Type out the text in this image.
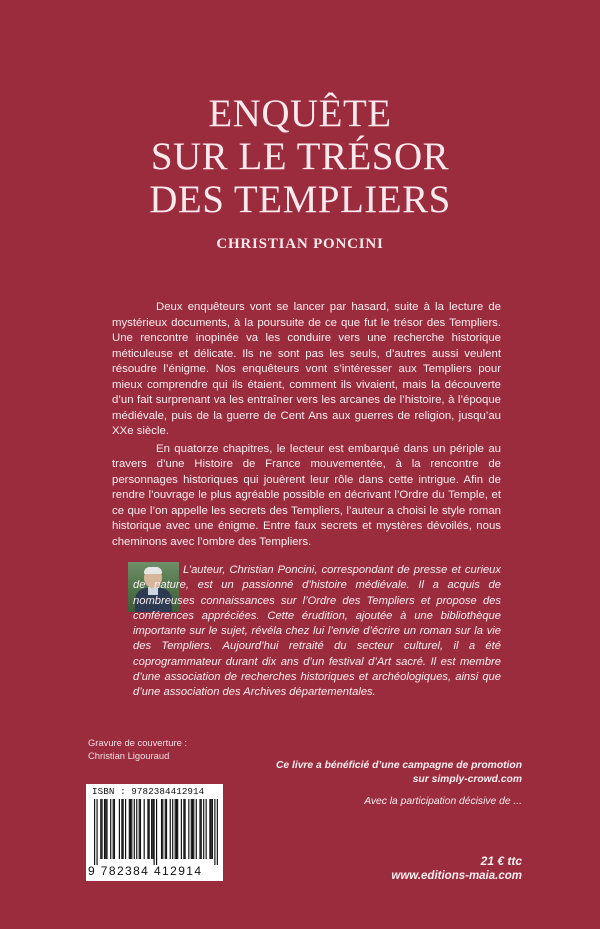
ENQUÊTE
SUR LE TRÉSOR
DES TEMPLIERS
CHRISTIAN PONCINI

Deux enquêteurs vont se lancer par hasard, suite à la lecture de mystérieux documents, à la poursuite de ce que fut le trésor des Templiers. Une rencontre inopinée va les conduire vers une recherche historique méticuleuse et délicate. Ils ne sont pas les seuls, d’autres aussi veulent résoudre l’énigme. Nos enquêteurs vont s’intéresser aux Templiers pour mieux comprendre qui ils étaient, comment ils vivaient, mais la découverte d’un fait surprenant va les entraîner vers les arcanes de l’histoire, à l’époque médiévale, puis de la guerre de Cent Ans aux guerres de religion, jusqu’au XXe siècle.

En quatorze chapitres, le lecteur est embarqué dans un périple au travers d’une Histoire de France mouvementée, à la rencontre de personnages historiques qui jouèrent leur rôle dans cette intrigue. Afin de rendre l’ouvrage le plus agréable possible en décrivant l’Ordre du Temple, et ce que l’on appelle les secrets des Templiers, l’auteur a choisi le style roman historique avec une énigme. Entre faux secrets et mystères dévoilés, nous cheminons avec l’ombre des Templiers.

L’auteur, Christian Poncini, correspondant de presse et curieux de nature, est un passionné d’histoire médiévale. Il a acquis de nombreuses connaissances sur l’Ordre des Templiers et propose des conférences appréciées. Cette érudition, ajoutée à une bibliothèque importante sur le sujet, révéla chez lui l’envie d’écrire un roman sur la vie des Templiers. Aujourd’hui retraité du secteur culturel, il a été coprogrammateur durant dix ans d’un festival d’Art sacré. Il est membre d’une association de recherches historiques et archéologiques, ainsi que d’une association des Archives départementales.
Gravure de couverture :
Christian Ligouraud
Ce livre a bénéficié d’une campagne de promotion
sur simply-crowd.com
Avec la participation décisive de ...
ISBN : 9782384412914
9 782384 412914
21 € ttc
www.editions-maia.com
